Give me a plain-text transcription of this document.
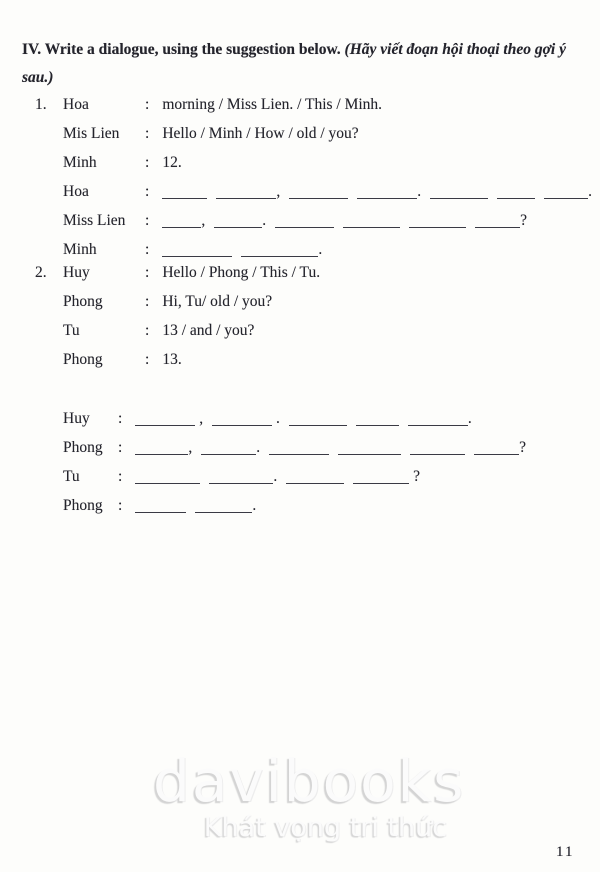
IV. Write a dialogue, using the suggestion below. (Hãy viết đoạn hội thoại theo gợi ý sau.)
1. Hoa	: morning / Miss Lien. / This / Minh.
Mis Lien : Hello / Minh / How / old / you?
Minh	: 12.
Hoa	:	,	.	.
Miss Lien :	,	.	?
Minh	:	.
2. Huy	: Hello / Phong / This / Tu.
Phong	: Hi, Tu/ old / you?
Tu	: 13 / and / you?
Phong	: 13.
Huy :	,	.	.
Phong :	,	.	?
Tu :	.	?
Phong :	.
davibooks
Khát vọng tri thức
11
